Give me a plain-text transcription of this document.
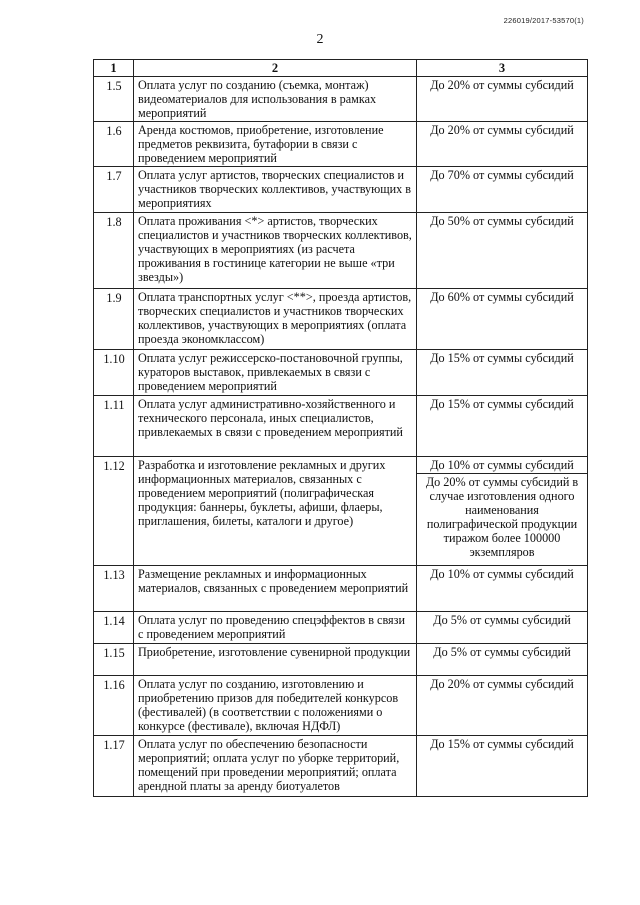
226019/2017-53570(1)
2
1	2	3
1.5	Оплата услуг по созданию (съемка, монтаж) видеоматериалов для использования в рамках мероприятий	До 20% от суммы субсидий
1.6	Аренда костюмов, приобретение, изготовление предметов реквизита, бутафории в связи с проведением мероприятий	До 20% от суммы субсидий
1.7	Оплата услуг артистов, творческих специалистов и участников творческих коллективов, участвующих в мероприятиях	До 70% от суммы субсидий
1.8	Оплата проживания <*> артистов, творческих специалистов и участников творческих коллективов, участвующих в мероприятиях (из расчета проживания в гостинице категории не выше «три звезды»)	До 50% от суммы субсидий
1.9	Оплата транспортных услуг <**>, проезда артистов, творческих специалистов и участников творческих коллективов, участвующих в мероприятиях (оплата проезда экономклассом)	До 60% от суммы субсидий
1.10	Оплата услуг режиссерско-постановочной группы, кураторов выставок, привлекаемых в связи с проведением мероприятий	До 15% от суммы субсидий
1.11	Оплата услуг административно-хозяйственного и технического персонала, иных специалистов, привлекаемых в связи с проведением мероприятий	До 15% от суммы субсидий
1.12	Разработка и изготовление рекламных и других информационных материалов, связанных с проведением мероприятий (полиграфическая продукция: баннеры, буклеты, афиши, флаеры, приглашения, билеты, каталоги и другое)	До 10% от суммы субсидий
		До 20% от суммы субсидий в случае изготовления одного наименования полиграфической продукции тиражом более 100000 экземпляров
1.13	Размещение рекламных и информационных материалов, связанных с проведением мероприятий	До 10% от суммы субсидий
1.14	Оплата услуг по проведению спецэффектов в связи с проведением мероприятий	До 5% от суммы субсидий
1.15	Приобретение, изготовление сувенирной продукции	До 5% от суммы субсидий
1.16	Оплата услуг по созданию, изготовлению и приобретению призов для победителей конкурсов (фестивалей) (в соответствии с положениями о конкурсе (фестивале), включая НДФЛ)	До 20% от суммы субсидий
1.17	Оплата услуг по обеспечению безопасности мероприятий; оплата услуг по уборке территорий, помещений при проведении мероприятий; оплата арендной платы за аренду биотуалетов	До 15% от суммы субсидий
